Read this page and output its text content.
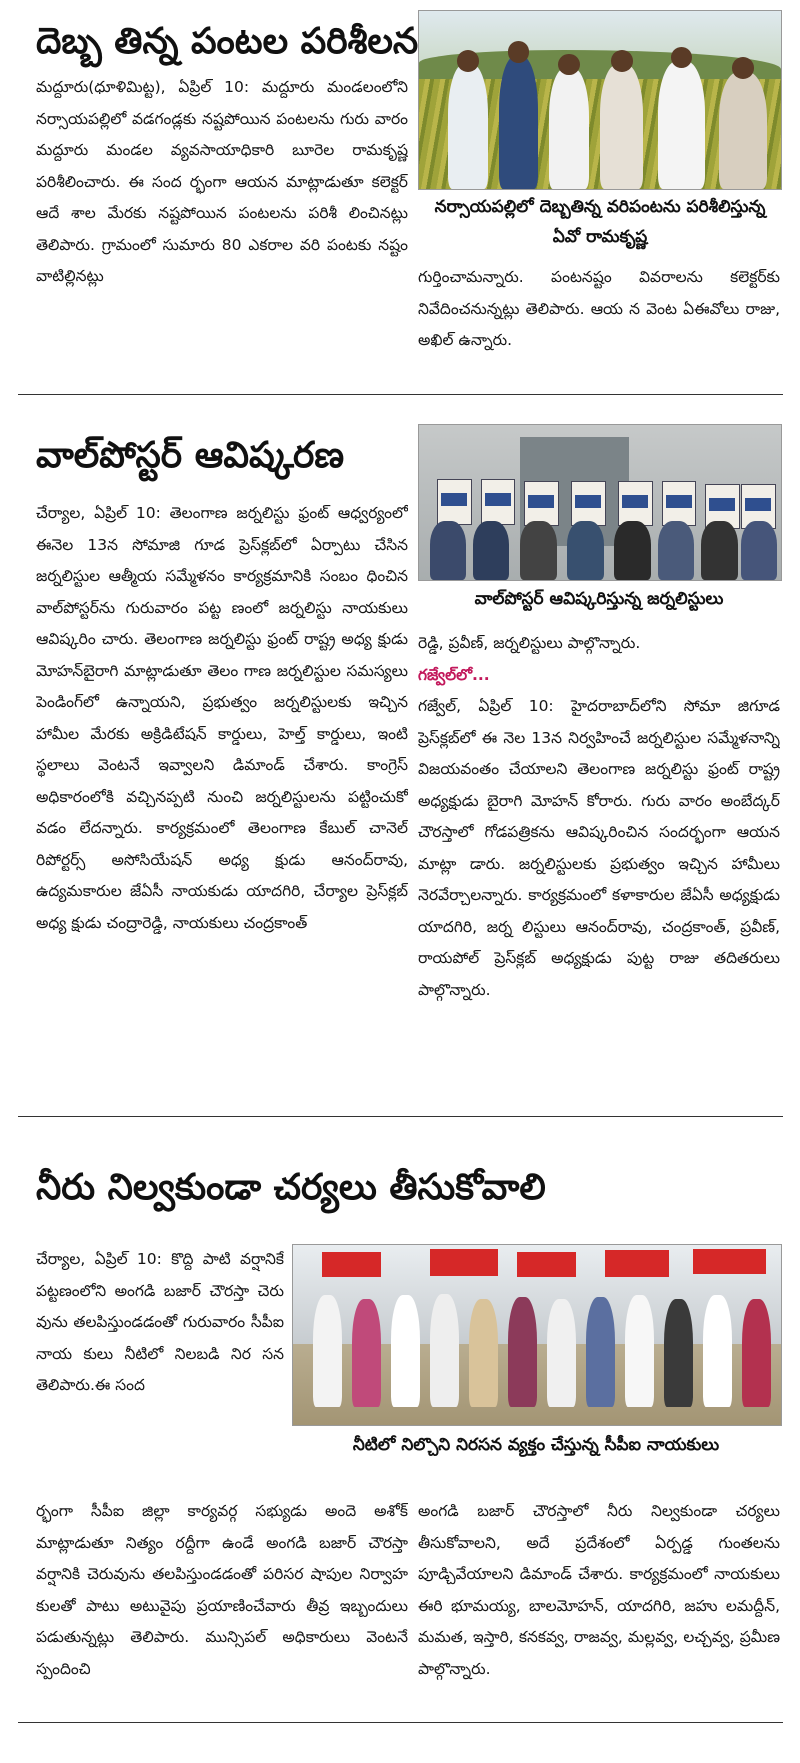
దెబ్బ తిన్న పంటల పరిశీలన

మద్దూరు(ధూళిమిట్ట), ఏప్రిల్ 10: మద్దూరు మండలంలోని నర్సాయపల్లిలో వడగండ్లకు నష్టపోయిన పంటలను గురు వారం మద్దూరు మండల వ్యవసాయాధికారి బూరెల రామకృష్ణ పరిశీలించారు. ఈ సంద ర్భంగా ఆయన మాట్లాడుతూ కలెక్టర్ ఆదే శాల మేరకు నష్టపోయిన పంటలను పరిశీ లించినట్లు తెలిపారు. గ్రామంలో సుమారు 80 ఎకరాల వరి పంటకు నష్టం వాటిల్లినట్లు

నర్సాయపల్లిలో దెబ్బతిన్న వరిపంటను పరిశీలిస్తున్న ఏవో రామకృష్ణ

గుర్తించామన్నారు. పంటనష్టం వివరాలను కలెక్టర్‌కు నివేదించనున్నట్లు తెలిపారు. ఆయ న వెంట ఏఈవోలు రాజు, అఖిల్ ఉన్నారు.

వాల్‌పోస్టర్ ఆవిష్కరణ

చేర్యాల, ఏప్రిల్ 10: తెలంగాణ జర్నలిస్టు ఫ్రంట్ ఆధ్వర్యంలో ఈనెల 13న సోమాజి గూడ ప్రెస్‌క్లబ్‌లో ఏర్పాటు చేసిన జర్నలిస్టుల ఆత్మీయ సమ్మేళనం కార్యక్రమానికి సంబం ధించిన వాల్‌పోస్టర్‌ను గురువారం పట్ట ణంలో జర్నలిస్టు నాయకులు ఆవిష్కరిం చారు. తెలంగాణ జర్నలిస్టు ఫ్రంట్ రాష్ట్ర అధ్య క్షుడు మోహన్‌బైరాగి మాట్లాడుతూ తెలం గాణ జర్నలిస్టుల సమస్యలు పెండింగ్‌లో ఉన్నాయని, ప్రభుత్వం జర్నలిస్టులకు ఇచ్చిన హామీల మేరకు అక్రిడిటేషన్ కార్డులు, హెల్త్ కార్డులు, ఇంటి స్థలాలు వెంటనే ఇవ్వాలని డిమాండ్ చేశారు. కాంగ్రెస్ అధికారంలోకి వచ్చినప్పటి నుంచి జర్నలిస్టులను పట్టించుకో వడం లేదన్నారు. కార్యక్రమంలో తెలంగాణ కేబుల్ చానెల్ రిపోర్టర్స్ అసోసియేషన్ అధ్య క్షుడు ఆనంద్‌రావు, ఉద్యమకారుల జేఏసీ నాయకుడు యాదగిరి, చేర్యాల ప్రెస్‌క్లబ్ అధ్య క్షుడు చంద్రారెడ్డి, నాయకులు చంద్రకాంత్

వాల్‌పోస్టర్ ఆవిష్కరిస్తున్న జర్నలిస్టులు

రెడ్డి, ప్రవీణ్, జర్నలిస్టులు పాల్గొన్నారు.

గజ్వేల్‌లో...

గజ్వేల్, ఏప్రిల్ 10: హైదరాబాద్‌లోని సోమా జిగూడ ప్రెస్‌క్లబ్‌లో ఈ నెల 13న నిర్వహించే జర్నలిస్టుల సమ్మేళనాన్ని విజయవంతం చేయాలని తెలంగాణ జర్నలిస్టు ఫ్రంట్ రాష్ట్ర అధ్యక్షుడు బైరాగి మోహన్ కోరారు. గురు వారం అంబేద్కర్ చౌరస్తాలో గోడపత్రికను ఆవిష్కరించిన సందర్భంగా ఆయన మాట్లా డారు. జర్నలిస్టులకు ప్రభుత్వం ఇచ్చిన హామీలు నెరవేర్చాలన్నారు. కార్యక్రమంలో కళాకారుల జేఏసీ అధ్యక్షుడు యాదగిరి, జర్న లిస్టులు ఆనంద్‌రావు, చంద్రకాంత్, ప్రవీణ్, రాయపోల్ ప్రెస్‌క్లబ్ అధ్యక్షుడు పుట్ట రాజు తదితరులు పాల్గొన్నారు.

నీరు నిల్వకుండా చర్యలు తీసుకోవాలి

చేర్యాల, ఏప్రిల్ 10: కొద్ది పాటి వర్షానికే పట్టణంలోని అంగడి బజార్ చౌరస్తా చెరు వును తలపిస్తుండడంతో గురువారం సీపీఐ నాయ కులు నీటిలో నిలబడి నిర సన తెలిపారు.ఈ సంద

నీటిలో నిల్చొని నిరసన వ్యక్తం చేస్తున్న సీపీఐ నాయకులు

ర్భంగా సీపీఐ జిల్లా కార్యవర్గ సభ్యుడు అందె అశోక్ మాట్లాడుతూ నిత్యం రద్దీగా ఉండే అంగడి బజార్ చౌరస్తా వర్షానికి చెరువును తలపిస్తుండడంతో పరిసర షాపుల నిర్వాహ కులతో పాటు అటువైపు ప్రయాణించేవారు తీవ్ర ఇబ్బందులు పడుతున్నట్లు తెలిపారు. మున్సిపల్ అధికారులు వెంటనే స్పందించి

అంగడి బజార్ చౌరస్తాలో నీరు నిల్వకుండా చర్యలు తీసుకోవాలని, అదే ప్రదేశంలో ఏర్పడ్డ గుంతలను పూడ్చివేయాలని డిమాండ్ చేశారు. కార్యక్రమంలో నాయకులు ఈరి భూమయ్య, బాలమోహన్, యాదగిరి, జహు లమద్దీన్, మమత, ఇస్తారి, కనకవ్వ, రాజవ్వ, మల్లవ్వ, లచ్చవ్వ, ప్రమీణ పాల్గొన్నారు.
